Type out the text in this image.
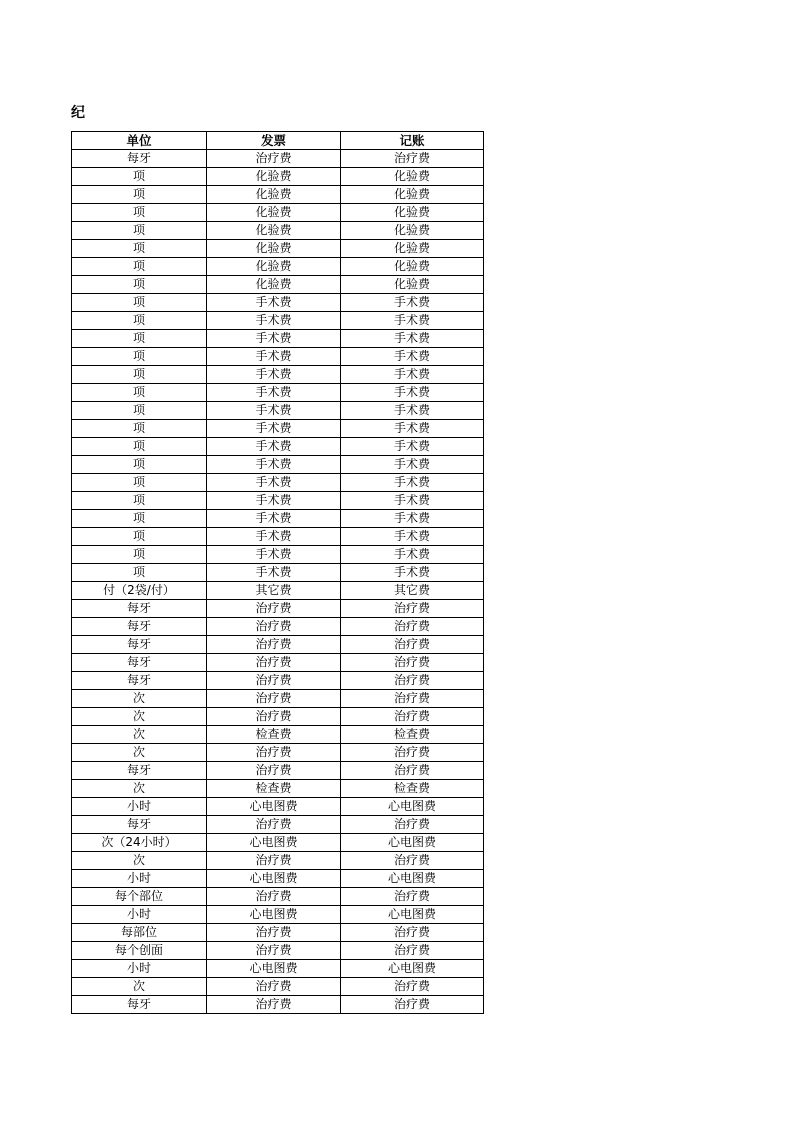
纪
单位	发票	记账
每牙	治疗费	治疗费
项	化验费	化验费
项	化验费	化验费
项	化验费	化验费
项	化验费	化验费
项	化验费	化验费
项	化验费	化验费
项	化验费	化验费
项	手术费	手术费
项	手术费	手术费
项	手术费	手术费
项	手术费	手术费
项	手术费	手术费
项	手术费	手术费
项	手术费	手术费
项	手术费	手术费
项	手术费	手术费
项	手术费	手术费
项	手术费	手术费
项	手术费	手术费
项	手术费	手术费
项	手术费	手术费
项	手术费	手术费
项	手术费	手术费
付（2袋/付）	其它费	其它费
每牙	治疗费	治疗费
每牙	治疗费	治疗费
每牙	治疗费	治疗费
每牙	治疗费	治疗费
每牙	治疗费	治疗费
次	治疗费	治疗费
次	治疗费	治疗费
次	检查费	检查费
次	治疗费	治疗费
每牙	治疗费	治疗费
次	检查费	检查费
小时	心电图费	心电图费
每牙	治疗费	治疗费
次（24小时）	心电图费	心电图费
次	治疗费	治疗费
小时	心电图费	心电图费
每个部位	治疗费	治疗费
小时	心电图费	心电图费
每部位	治疗费	治疗费
每个创面	治疗费	治疗费
小时	心电图费	心电图费
次	治疗费	治疗费
每牙	治疗费	治疗费
